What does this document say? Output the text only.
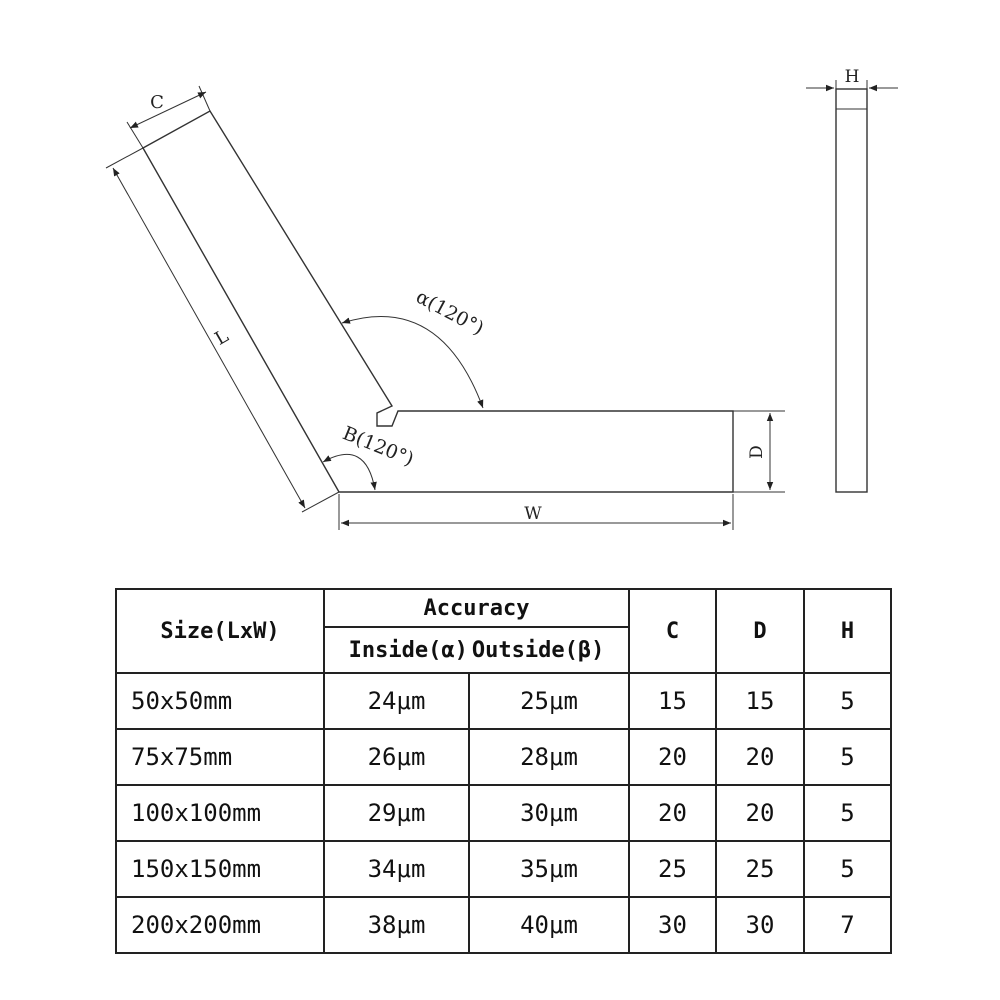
C
L	α(120°)
B(120°)
W
D
H
Size(LxW)	Accuracy		C	D	H
	Inside(α) Outside(β)				
50x50mm	24μm	25μm	15	15	5
75x75mm	26μm	28μm	20	20	5
100x100mm	29μm	30μm	20	20	5
150x150mm	34μm	35μm	25	25	5
200x200mm	38μm	40μm	30	30	7
